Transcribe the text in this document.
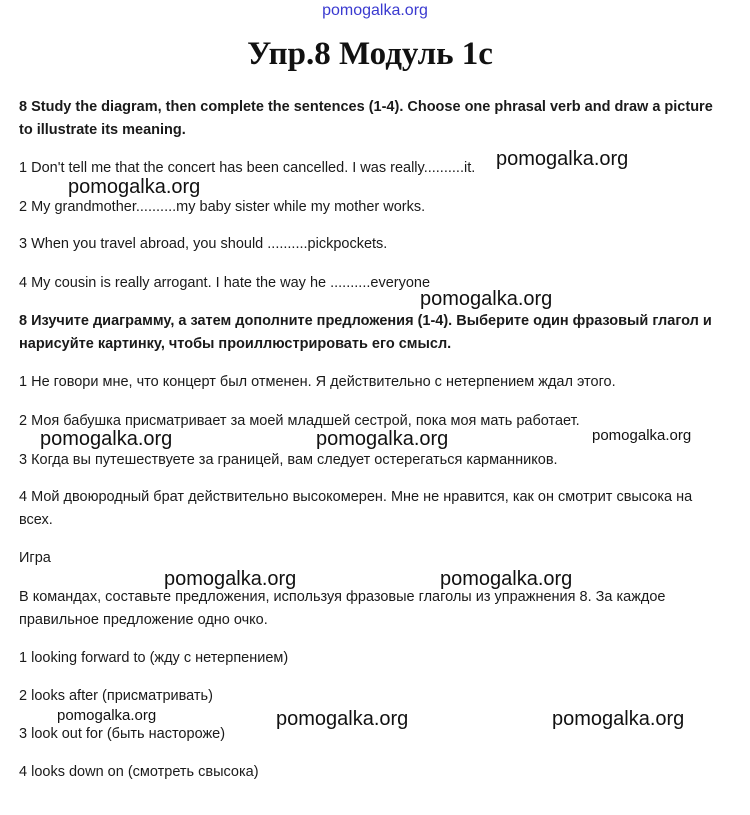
pomogalka.org
Упр.8 Модуль 1с
8 Study the diagram, then complete the sentences (1-4). Choose one phrasal verb and draw a picture to illustrate its meaning.
1 Don't tell me that the concert has been cancelled. I was really..........it.
2 My grandmother..........my baby sister while my mother works.
3 When you travel abroad, you should ..........pickpockets.
4 My cousin is really arrogant. I hate the way he ..........everyone
8 Изучите диаграмму, а затем дополните предложения (1-4). Выберите один фразовый глагол и нарисуйте картинку, чтобы проиллюстрировать его смысл.
1 Не говори мне, что концерт был отменен. Я действительно с нетерпением ждал этого.
2 Моя бабушка присматривает за моей младшей сестрой, пока моя мать работает.
3 Когда вы путешествуете за границей, вам следует остерегаться карманников.
4 Мой двоюродный брат действительно высокомерен. Мне не нравится, как он смотрит свысока на всех.
Игра
В командах, составьте предложения, используя фразовые глаголы из упражнения 8. За каждое правильное предложение одно очко.
1 looking forward to (жду с нетерпением)
2 looks after (присматривать)
3 look out for (быть настороже)
4 looks down on (смотреть свысока)
pomogalka.org
pomogalka.org
pomogalka.org
pomogalka.org	pomogalka.org	pomogalka.org
pomogalka.org	pomogalka.org
pomogalka.org	pomogalka.org	pomogalka.org
